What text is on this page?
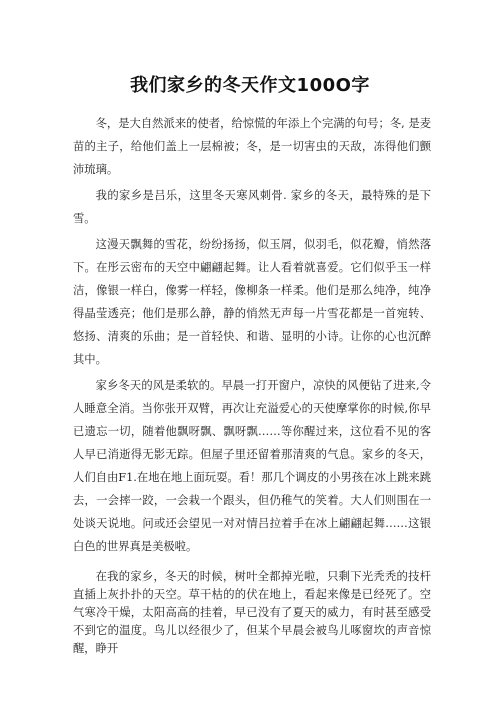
我们家乡的冬天作文100O字

冬，是大自然派来的使者，给惊慌的年添上个完满的句号；冬, 是麦苗的主子，给他们盖上一层棉被；冬，是一切害虫的天敌，冻得他们颤沛琉璃。

我的家乡是吕乐，这里冬天寒风刺骨. 家乡的冬天，最特殊的是下雪。

这漫天飘舞的雪花，纷纷扬扬，似玉屑，似羽毛，似花瓣，悄然落下。在彤云密布的天空中翩翩起舞。让人看着就喜爱。它们似乎玉一样洁，像银一样白，像雾一样轻，像柳条一样柔。他们是那么纯净，纯净得晶莹透亮；他们是那么静，静的悄然无声每一片雪花都是一首宛转、悠扬、清爽的乐曲；是一首轻快、和谐、显明的小诗。让你的心也沉醉其中。

家乡冬天的风是柔软的。早晨一打开窗户，凉快的风便钻了进来,令人睡意全消。当你张开双臂，再次让充溢爱心的天使摩掌你的时候,你早已遗忘一切，随着他飘呀飘、飘呀飘……等你醒过来，这位看不见的客人早已消逝得无影无踪。但屋子里还留着那清爽的气息。家乡的冬天，人们自由F1.在地在地上面玩耍。看！那几个调皮的小男孩在冰上跳来跳去，一会摔一跤，一会栽一个跟头，但仍稚气的笑着。大人们则围在一处谈天说地。问或还会望见一对对情吕拉着手在冰上翩翩起舞……这银白色的世界真是美极啦。

在我的家乡，冬天的时候，树叶全都掉光啦，只剩下光秃秃的技杆直插上灰扑扑的天空。草干枯的的伏在地上，看起来像是已经死了。空气寒冷干燥，太阳高高的挂着，早已没有了夏天的威力，有时甚至感受不到它的温度。鸟儿以经很少了，但某个早晨会被鸟儿啄窗坎的声音惊醒，睁开
